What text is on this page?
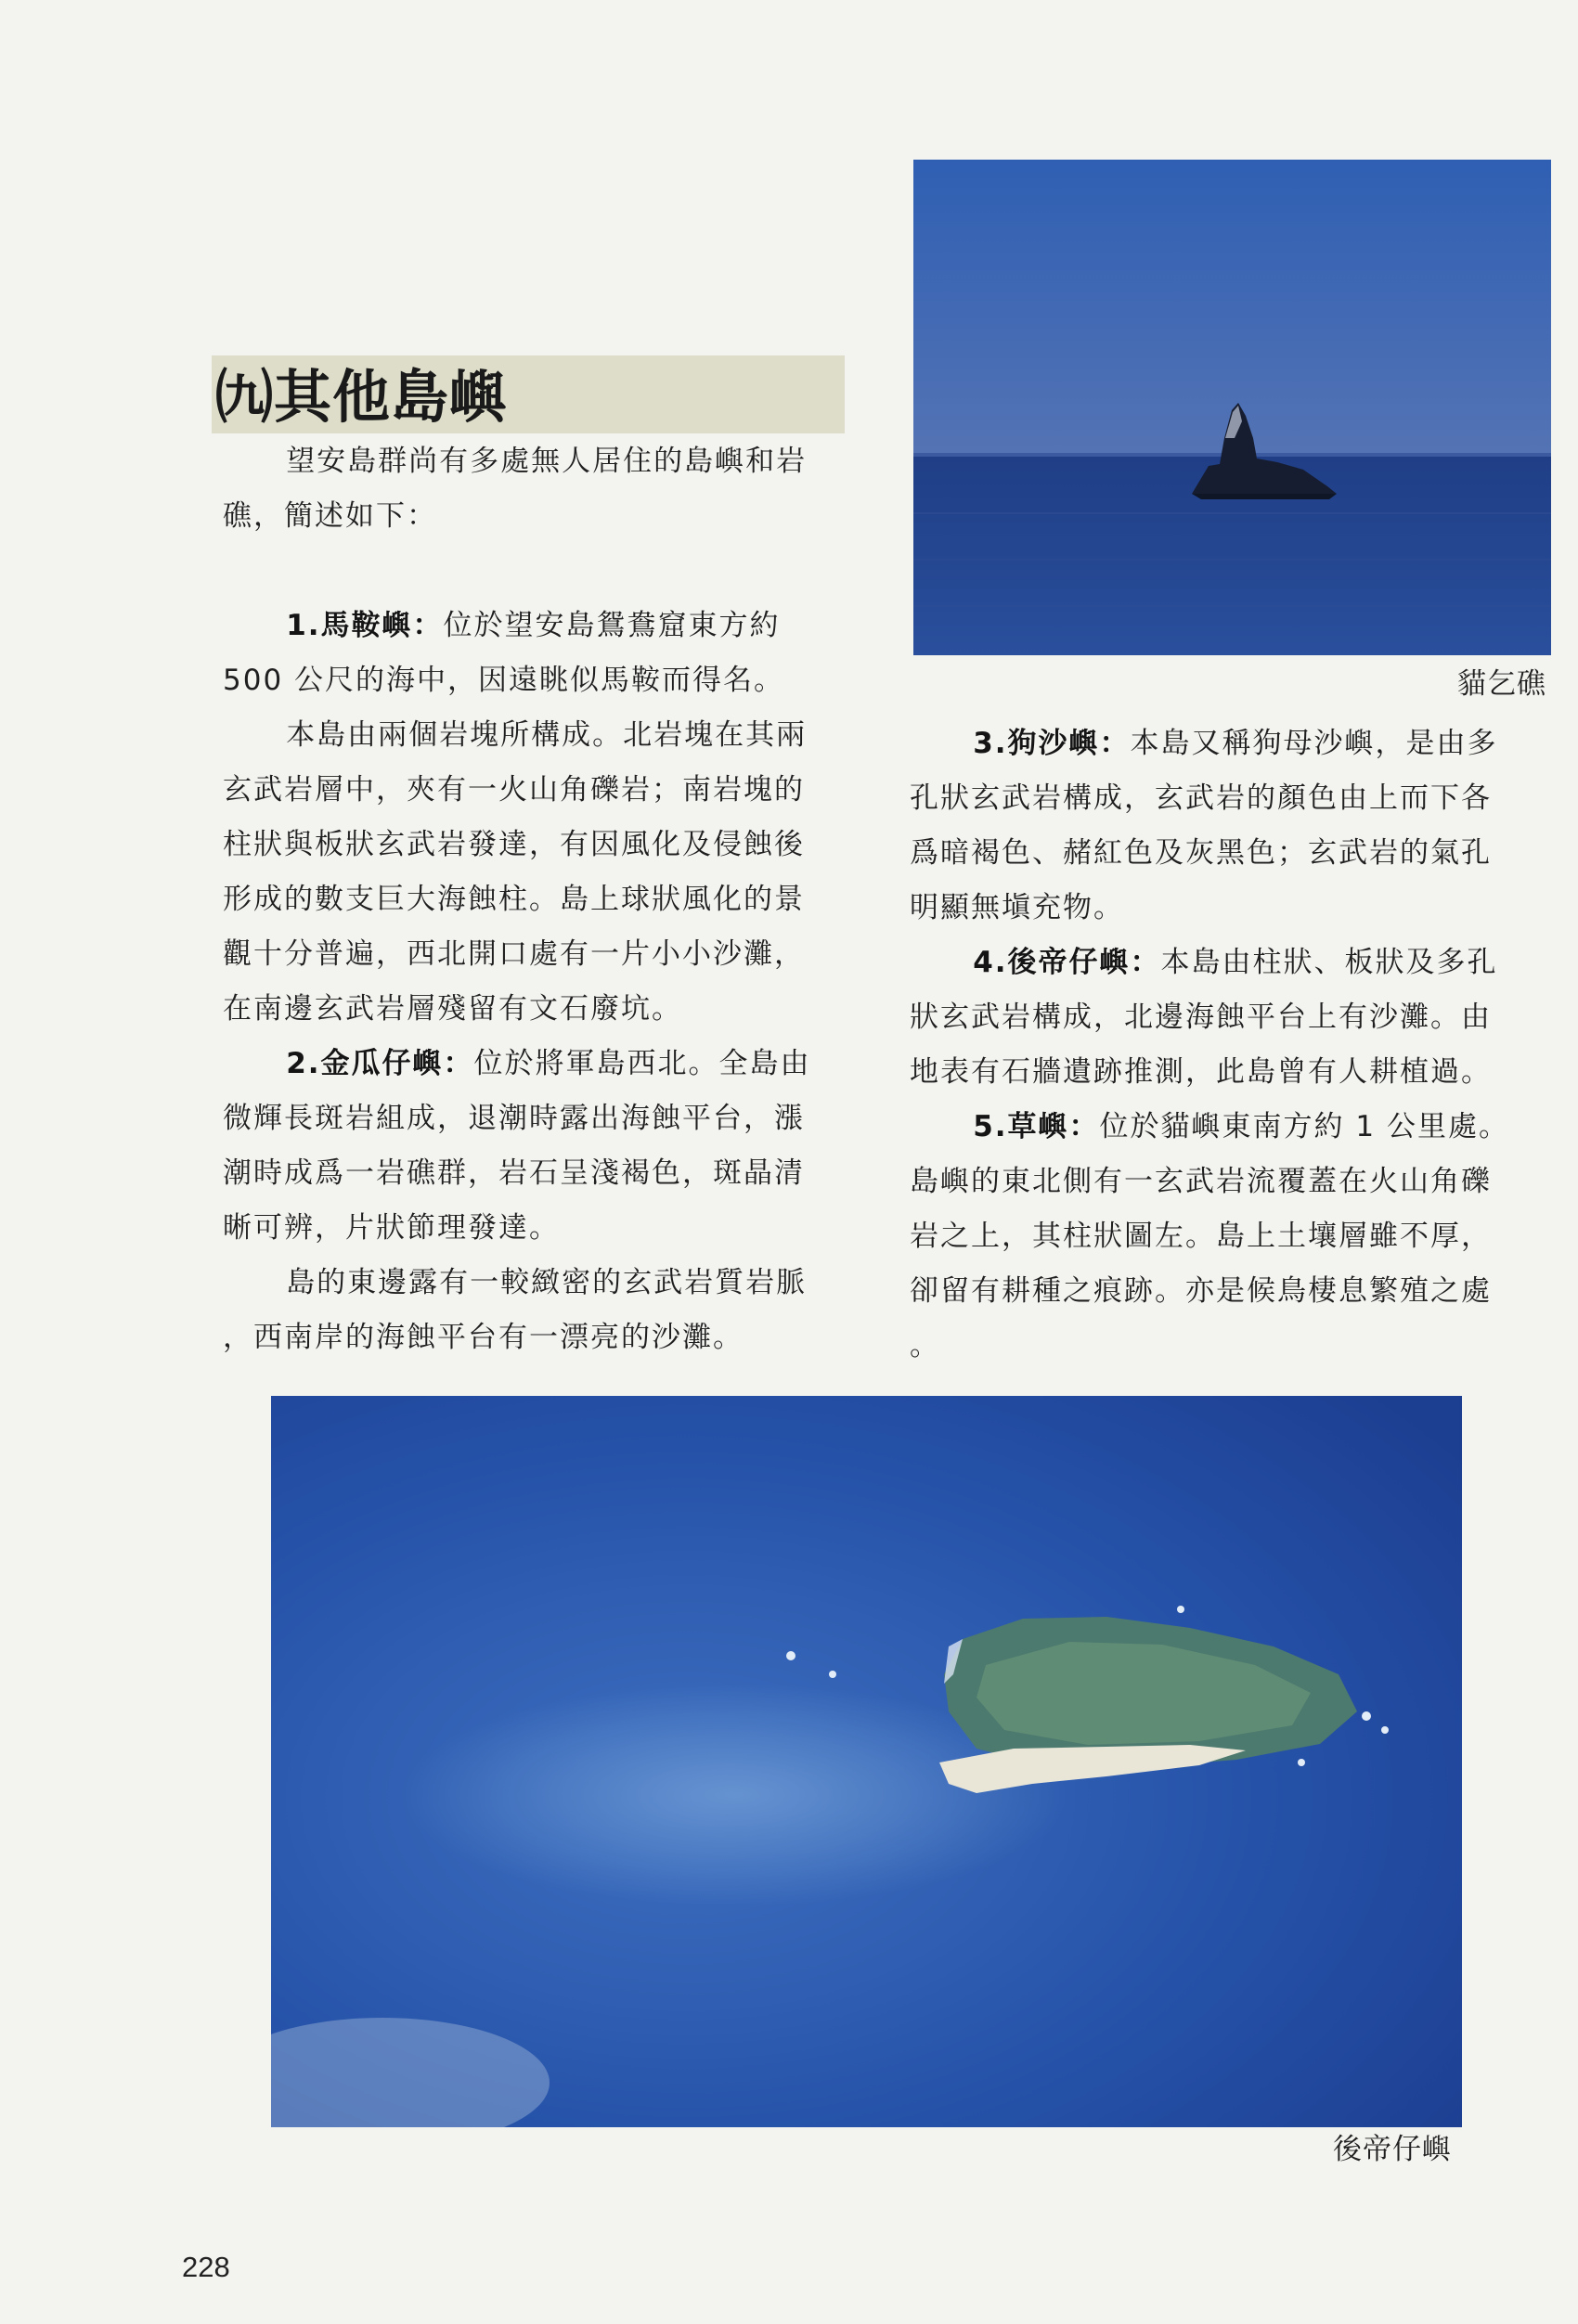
貓乞礁
㈨其他島嶼

望安島群尚有多處無人居住的島嶼和岩

礁，簡述如下：

1.馬鞍嶼：位於望安島鴛鴦窟東方約

500 公尺的海中，因遠眺似馬鞍而得名。

本島由兩個岩塊所構成。北岩塊在其兩

玄武岩層中，夾有一火山角礫岩；南岩塊的

柱狀與板狀玄武岩發達，有因風化及侵蝕後

形成的數支巨大海蝕柱。島上球狀風化的景

觀十分普遍，西北開口處有一片小小沙灘，

在南邊玄武岩層殘留有文石廢坑。

2.金瓜仔嶼：位於將軍島西北。全島由

微輝長斑岩組成，退潮時露出海蝕平台，漲

潮時成爲一岩礁群，岩石呈淺褐色，斑晶清

晰可辨，片狀節理發達。

島的東邊露有一較緻密的玄武岩質岩脈

，西南岸的海蝕平台有一漂亮的沙灘。

3.狗沙嶼：本島又稱狗母沙嶼，是由多

孔狀玄武岩構成，玄武岩的顏色由上而下各

爲暗褐色、赭紅色及灰黑色；玄武岩的氣孔

明顯無塡充物。

4.後帝仔嶼：本島由柱狀、板狀及多孔

狀玄武岩構成，北邊海蝕平台上有沙灘。由

地表有石牆遺跡推測，此島曾有人耕植過。

5.草嶼：位於貓嶼東南方約 1 公里處。

島嶼的東北側有一玄武岩流覆蓋在火山角礫

岩之上，其柱狀圖左。島上土壤層雖不厚，

卻留有耕種之痕跡。亦是候鳥棲息繁殖之處

。

後帝仔嶼
228
